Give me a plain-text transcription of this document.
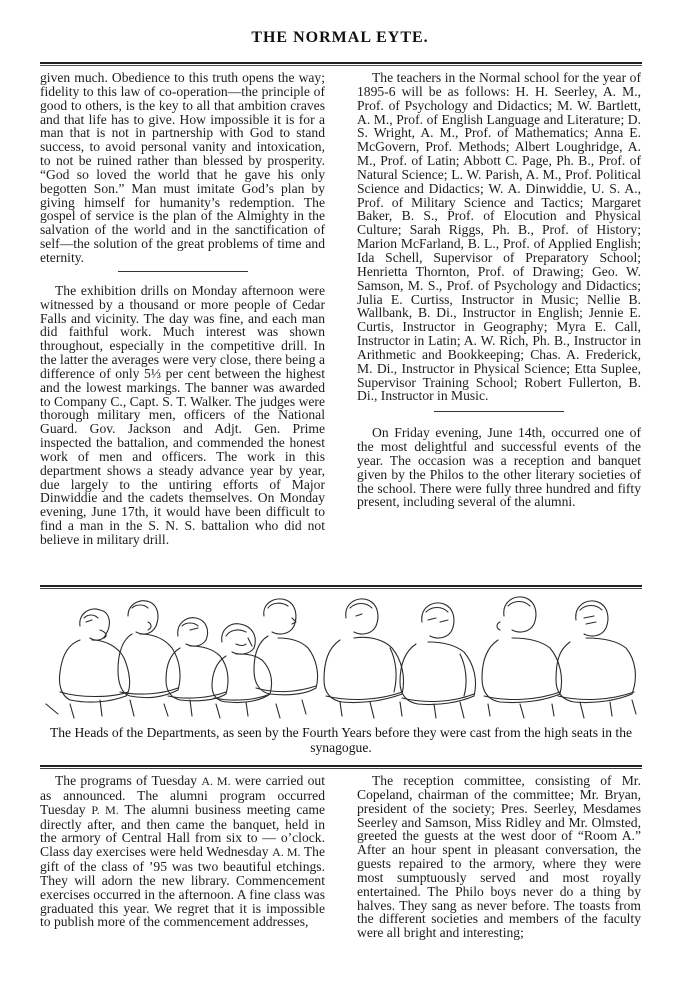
THE NORMAL EYTE.

given much. Obedience to this truth opens the way; fidelity to this law of co-operation—the principle of good to others, is the key to all that ambition craves and that life has to give. How impossible it is for a man that is not in partnership with God to stand success, to avoid personal vanity and intoxication, to not be ruined rather than blessed by prosperity. “God so loved the world that he gave his only begotten Son.” Man must imitate God’s plan by giving himself for humanity’s redemption. The gospel of service is the plan of the Almighty in the salvation of the world and in the sanctification of self—the solution of the great problems of time and eternity.

The exhibition drills on Monday afternoon were witnessed by a thousand or more people of Cedar Falls and vicinity. The day was fine, and each man did faithful work. Much interest was shown throughout, especially in the competitive drill. In the latter the averages were very close, there being a difference of only 5⅓ per cent between the highest and the lowest markings. The banner was awarded to Company C., Capt. S. T. Walker. The judges were thorough military men, officers of the National Guard. Gov. Jackson and Adjt. Gen. Prime inspected the battalion, and commended the honest work of men and officers. The work in this department shows a steady advance year by year, due largely to the untiring efforts of Major Dinwiddie and the cadets themselves. On Monday evening, June 17th, it would have been difficult to find a man in the S. N. S. battalion who did not believe in military drill.

The teachers in the Normal school for the year of 1895-6 will be as follows: H. H. Seerley, A. M., Prof. of Psychology and Didactics; M. W. Bartlett, A. M., Prof. of English Language and Literature; D. S. Wright, A. M., Prof. of Mathematics; Anna E. McGovern, Prof. Methods; Albert Loughridge, A. M., Prof. of Latin; Abbott C. Page, Ph. B., Prof. of Natural Science; L. W. Parish, A. M., Prof. Political Science and Didactics; W. A. Dinwiddie, U. S. A., Prof. of Military Science and Tactics; Margaret Baker, B. S., Prof. of Elocution and Physical Culture; Sarah Riggs, Ph. B., Prof. of History; Marion McFarland, B. L., Prof. of Applied English; Ida Schell, Supervisor of Preparatory School; Henrietta Thornton, Prof. of Drawing; Geo. W. Samson, M. S., Prof. of Psychology and Didactics; Julia E. Curtiss, Instructor in Music; Nellie B. Wallbank, B. Di., Instructor in English; Jennie E. Curtis, Instructor in Geography; Myra E. Call, Instructor in Latin; A. W. Rich, Ph. B., Instructor in Arithmetic and Bookkeeping; Chas. A. Frederick, M. Di., Instructor in Physical Science; Etta Suplee, Supervisor Training School; Robert Fullerton, B. Di., Instructor in Music.

On Friday evening, June 14th, occurred one of the most delightful and successful events of the year. The occasion was a reception and banquet given by the Philos to the other literary societies of the school. There were fully three hundred and fifty present, including several of the alumni.

The Heads of the Departments, as seen by the Fourth Years before they were cast from the high seats in the synagogue.

The programs of Tuesday A. M. were carried out as announced. The alumni program occurred Tuesday P. M. The alumni business meeting came directly after, and then came the banquet, held in the armory of Central Hall from six to — o’clock. Class day exercises were held Wednesday A. M. The gift of the class of ’95 was two beautiful etchings. They will adorn the new library. Commencement exercises occurred in the afternoon. A fine class was graduated this year. We regret that it is impossible to publish more of the commencement addresses,

The reception committee, consisting of Mr. Copeland, chairman of the committee; Mr. Bryan, president of the society; Pres. Seerley, Mesdames Seerley and Samson, Miss Ridley and Mr. Olmsted, greeted the guests at the west door of “Room A.” After an hour spent in pleasant conversation, the guests repaired to the armory, where they were most sumptuously served and most royally entertained. The Philo boys never do a thing by halves. They sang as never before. The toasts from the different societies and members of the faculty were all bright and interesting;
